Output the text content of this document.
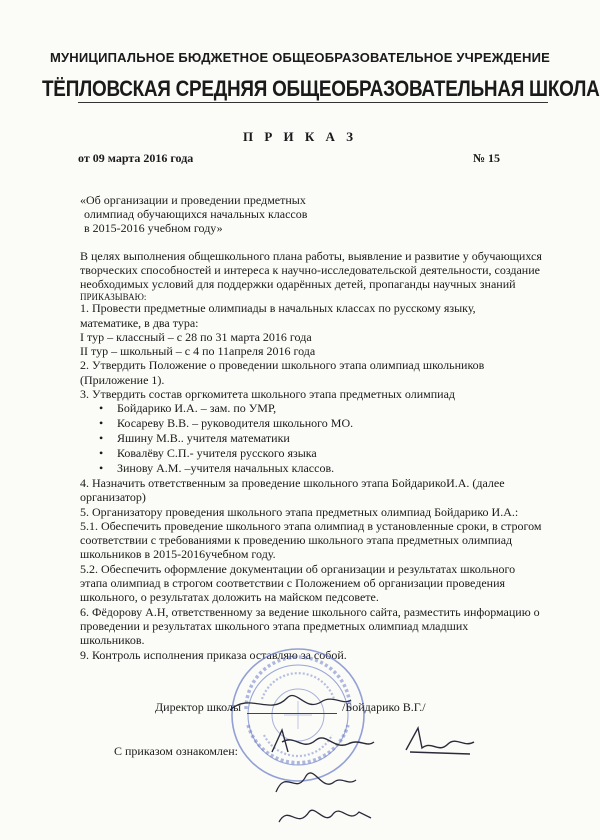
МУНИЦИПАЛЬНОЕ БЮДЖЕТНОЕ ОБЩЕОБРАЗОВАТЕЛЬНОЕ УЧРЕЖДЕНИЕ
ТЁПЛОВСКАЯ СРЕДНЯЯ ОБЩЕОБРАЗОВАТЕЛЬНАЯ ШКОЛА
П Р И К А З
от 09 марта 2016 года	№ 15
«Об организации и проведении предметных
олимпиад обучающихся начальных классов
в 2015-2016 учебном году»
В целях выполнения общешкольного плана работы, выявление и развитие у обучающихся
творческих способностей и интереса к научно-исследовательской деятельности, создание
необходимых условий для поддержки одарённых детей, пропаганды научных знаний
ПРИКАЗЫВАЮ:
1. Провести предметные олимпиады в начальных классах по русскому языку,
математике, в два тура:
I тур – классный – с 28 по 31 марта 2016 года
II тур – школьный – с 4 по 11апреля 2016 года
2. Утвердить Положение о проведении школьного этапа олимпиад школьников
(Приложение 1).
3. Утвердить состав оргкомитета школьного этапа предметных олимпиад
• Бойдарико И.А. – зам. по УМР,
• Косареву В.В. – руководителя школьного МО.
• Яшину М.В.. учителя математики
• Ковалёву С.П.- учителя русского языка
• Зинову А.М. –учителя начальных классов.
4. Назначить ответственным за проведение школьного этапа БойдарикоИ.А. (далее
организатор)
5. Организатору проведения школьного этапа предметных олимпиад Бойдарико И.А.:
5.1. Обеспечить проведение школьного этапа олимпиад в установленные сроки, в строгом
соответствии с требованиями к проведению школьного этапа предметных олимпиад
школьников в 2015-2016учебном году.
5.2. Обеспечить оформление документации об организации и результатах школьного
этапа олимпиад в строгом соответствии с Положением об организации проведения
школьного, о результатах доложить на майском педсовете.
6. Фёдорову А.Н, ответственному за ведение школьного сайта, разместить информацию о
проведении и результатах школьного этапа предметных олимпиад младших
школьников.
9. Контроль исполнения приказа оставляю за собой.
Директор школы	/Бойдарико В.Г./
С приказом ознакомлен:
